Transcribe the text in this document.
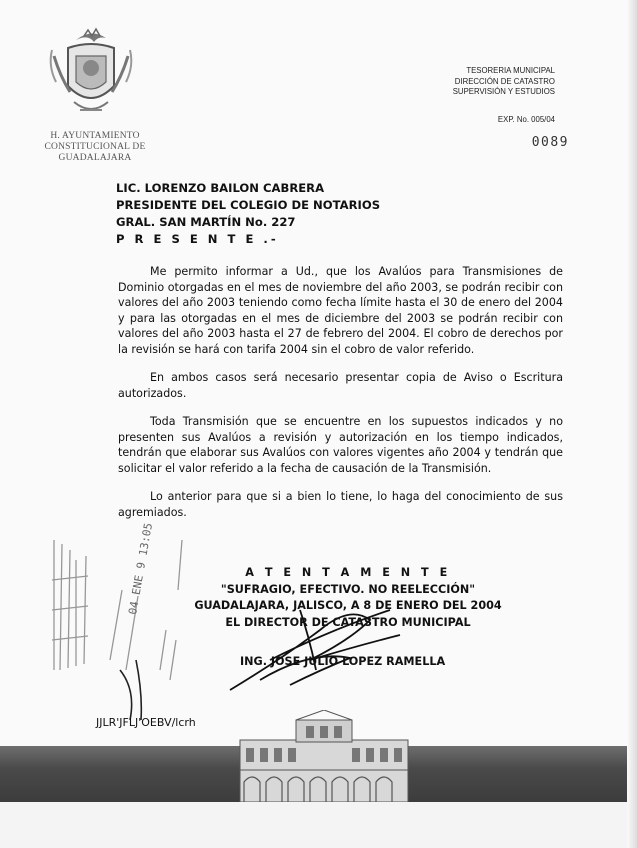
H. AYUNTAMIENTO
CONSTITUCIONAL DE
GUADALAJARA
TESORERIA MUNICIPAL
DIRECCIÓN DE CATASTRO
SUPERVISIÓN Y ESTUDIOS
EXP. No. 005/04
0089
LIC. LORENZO BAILON CABRERA
PRESIDENTE DEL COLEGIO DE NOTARIOS
GRAL. SAN MARTÍN No. 227
P R E S E N T E .-

Me permito informar a Ud., que los Avalúos para Transmisiones de Dominio otorgadas en el mes de noviembre del año 2003, se podrán recibir con valores del año 2003 teniendo como fecha límite hasta el 30 de enero del 2004 y para las otorgadas en el mes de diciembre del 2003 se podrán recibir con valores del año 2003 hasta el 27 de febrero del 2004. El cobro de derechos por la revisión se hará con tarifa 2004 sin el cobro de valor referido.

En ambos casos será necesario presentar copia de Aviso o Escritura autorizados.

Toda Transmisión que se encuentre en los supuestos indicados y no presenten sus Avalúos a revisión y autorización en los tiempo indicados, tendrán que elaborar sus Avalúos con valores vigentes año 2004 y tendrán que solicitar el valor referido a la fecha de causación de la Transmisión.

Lo anterior para que si a bien lo tiene, lo haga del conocimiento de sus agremiados.

04 ENE 9 13:05	A T E N T A M E N T E
"SUFRAGIO, EFECTIVO. NO REELECCIÓN"
GUADALAJARA, JALISCO, A 8 DE ENERO DEL 2004
EL DIRECTOR DE CATASTRO MUNICIPAL
ING. JOSE JULIO LOPEZ RAMELLA
JJLR'JFLJ'OEBV/lcrh
